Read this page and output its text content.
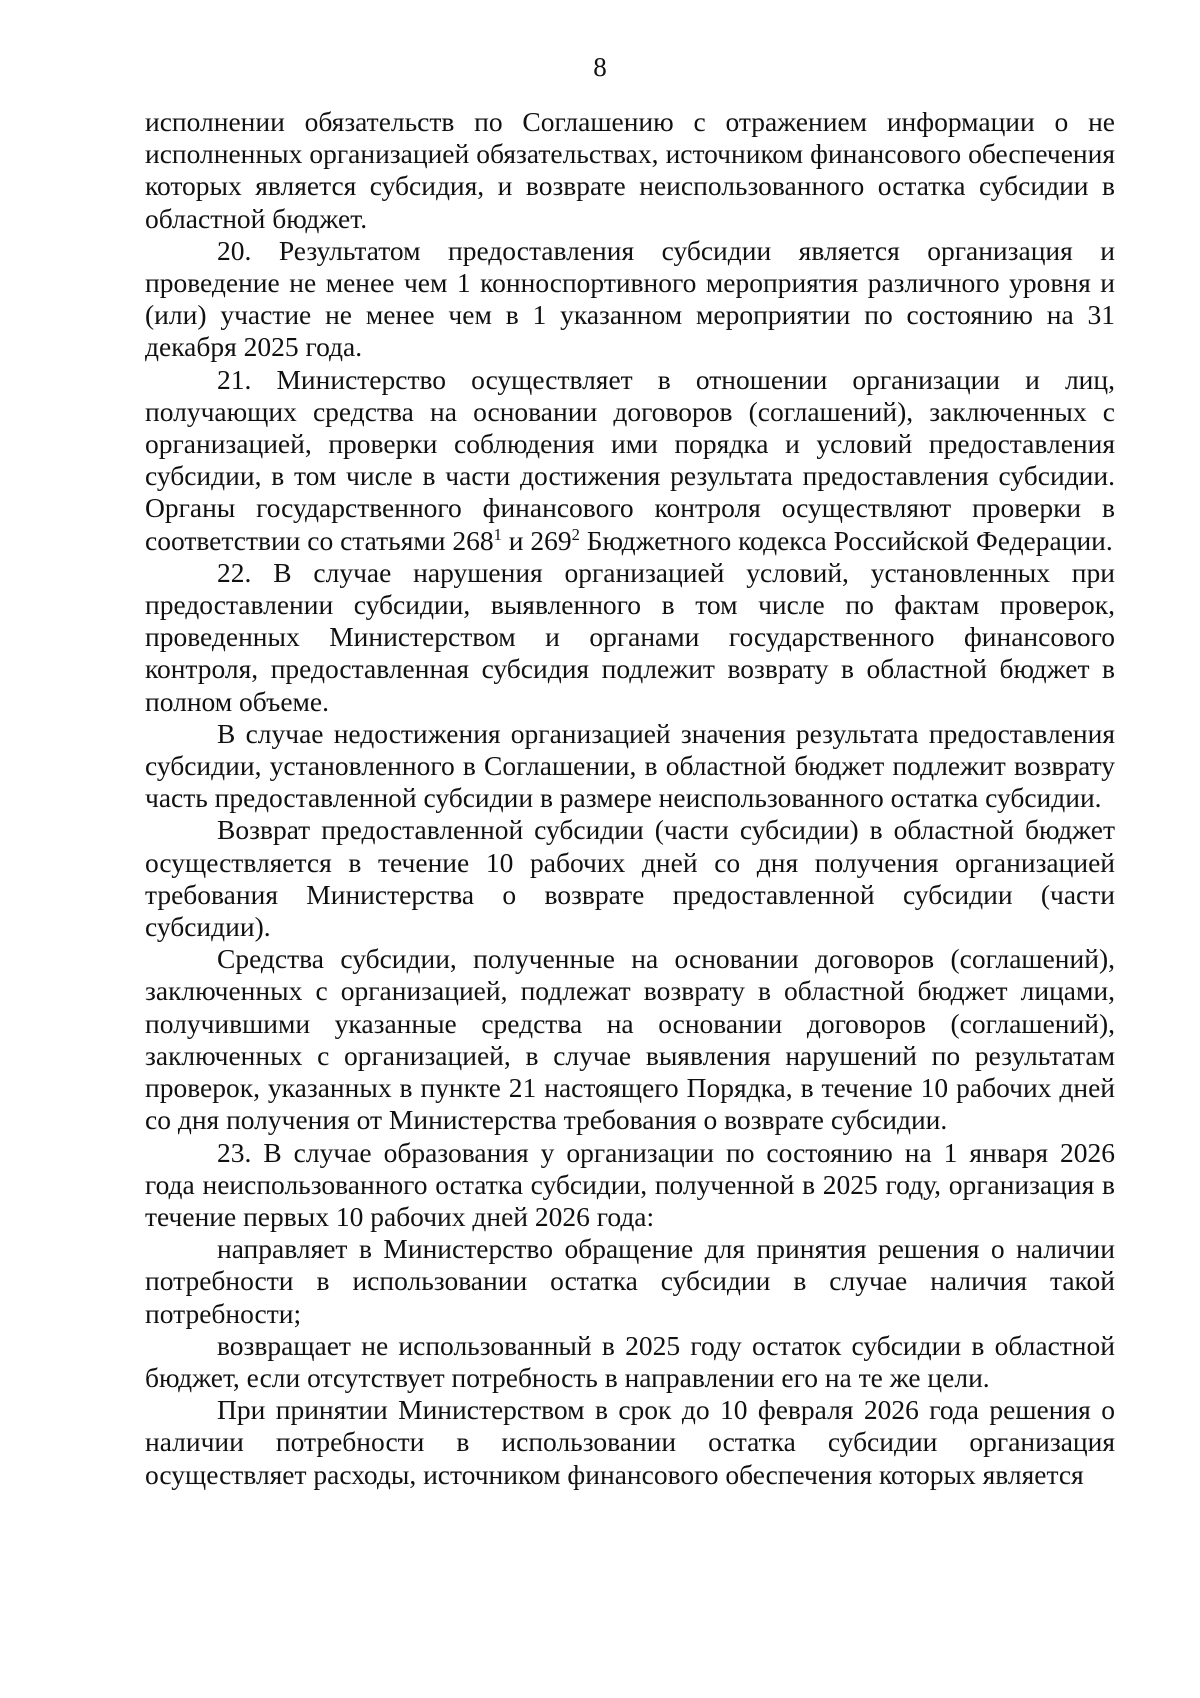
8

исполнении обязательств по Соглашению с отражением информации о не исполненных организацией обязательствах, источником финансового обеспечения которых является субсидия, и возврате неиспользованного остатка субсидии в областной бюджет.

20. Результатом предоставления субсидии является организация и проведение не менее чем 1 конноспортивного мероприятия различного уровня и (или) участие не менее чем в 1 указанном мероприятии по состоянию на 31 декабря 2025 года.

21. Министерство осуществляет в отношении организации и лиц, получающих средства на основании договоров (соглашений), заключенных с организацией, проверки соблюдения ими порядка и условий предоставления субсидии, в том числе в части достижения результата предоставления субсидии. Органы государственного финансового контроля осуществляют проверки в соответствии со статьями $268^1$ и $269^2$ Бюджетного кодекса Российской Федерации.

22. В случае нарушения организацией условий, установленных при предоставлении субсидии, выявленного в том числе по фактам проверок, проведенных Министерством и органами государственного финансового контроля, предоставленная субсидия подлежит возврату в областной бюджет в полном объеме.

В случае недостижения организацией значения результата предоставления субсидии, установленного в Соглашении, в областной бюджет подлежит возврату часть предоставленной субсидии в размере неиспользованного остатка субсидии.

Возврат предоставленной субсидии (части субсидии) в областной бюджет осуществляется в течение 10 рабочих дней со дня получения организацией требования Министерства о возврате предоставленной субсидии (части субсидии).

Средства субсидии, полученные на основании договоров (соглашений), заключенных с организацией, подлежат возврату в областной бюджет лицами, получившими указанные средства на основании договоров (соглашений), заключенных с организацией, в случае выявления нарушений по результатам проверок, указанных в пункте 21 настоящего Порядка, в течение 10 рабочих дней со дня получения от Министерства требования о возврате субсидии.

23. В случае образования у организации по состоянию на 1 января 2026 года неиспользованного остатка субсидии, полученной в 2025 году, организация в течение первых 10 рабочих дней 2026 года:

направляет в Министерство обращение для принятия решения о наличии потребности в использовании остатка субсидии в случае наличия такой потребности;

возвращает не использованный в 2025 году остаток субсидии в областной бюджет, если отсутствует потребность в направлении его на те же цели.

При принятии Министерством в срок до 10 февраля 2026 года решения о наличии потребности в использовании остатка субсидии организация осуществляет расходы, источником финансового обеспечения которых является
